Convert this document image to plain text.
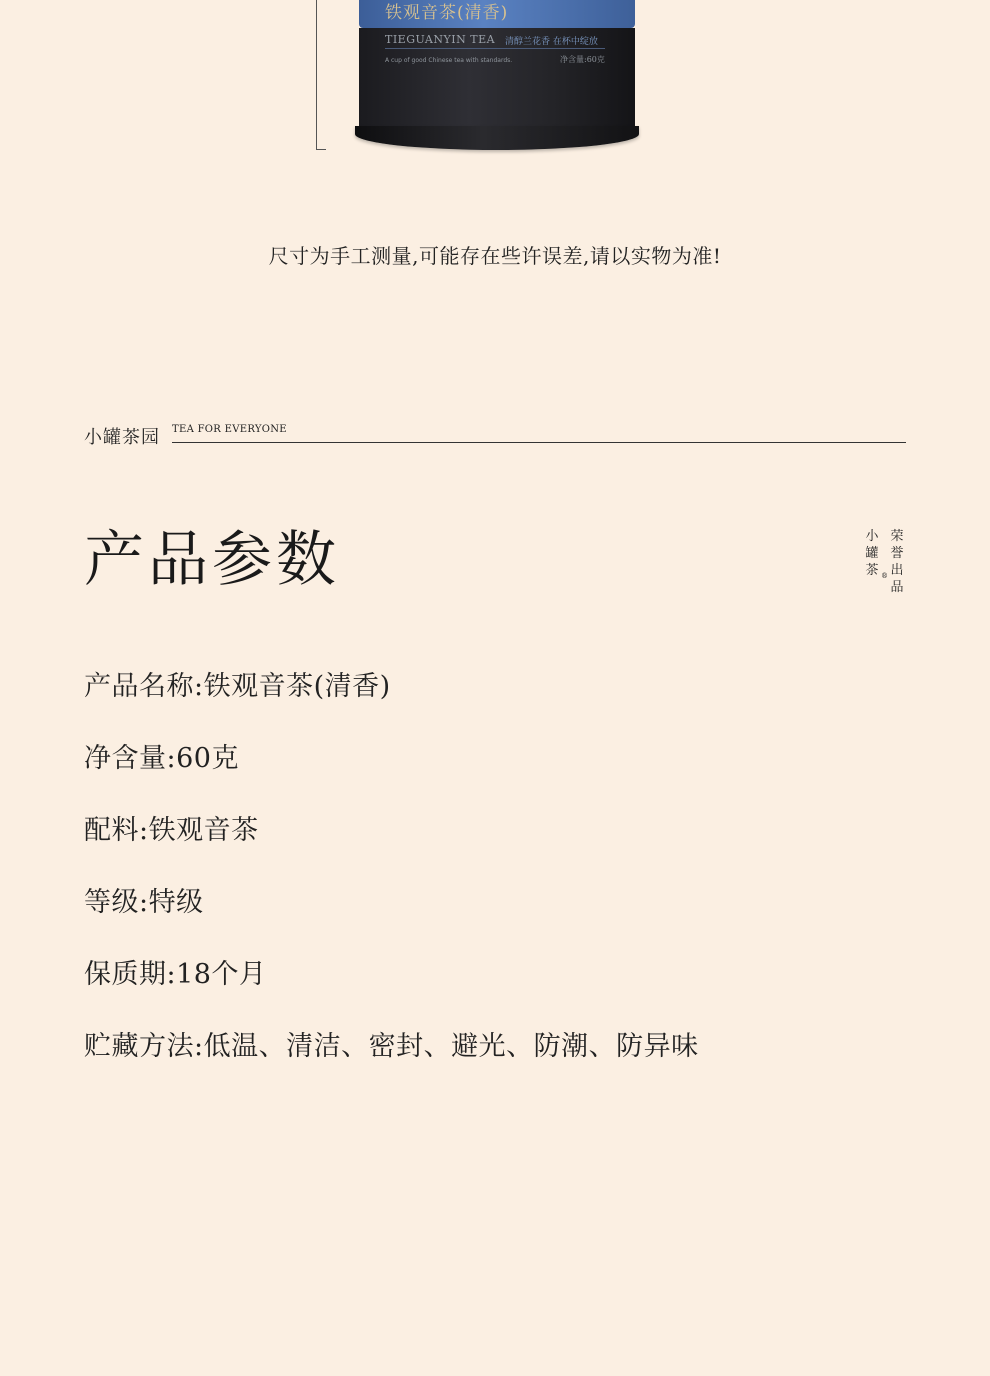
铁观音茶(清香)
TIEGUANYIN TEA 清醇兰花香 在杯中绽放
A cup of good Chinese tea with standards.	净含量:60克
尺寸为手工测量,可能存在些许误差,请以实物为准!
小罐茶园 TEA FOR EVERYONE
产品参数	小
罐
茶
荣
誉
出
品
®
产品名称:铁观音茶(清香)
净含量:60克
配料:铁观音茶
等级:特级
保质期:18个月
贮藏方法:低温、清洁、密封、避光、防潮、防异味
